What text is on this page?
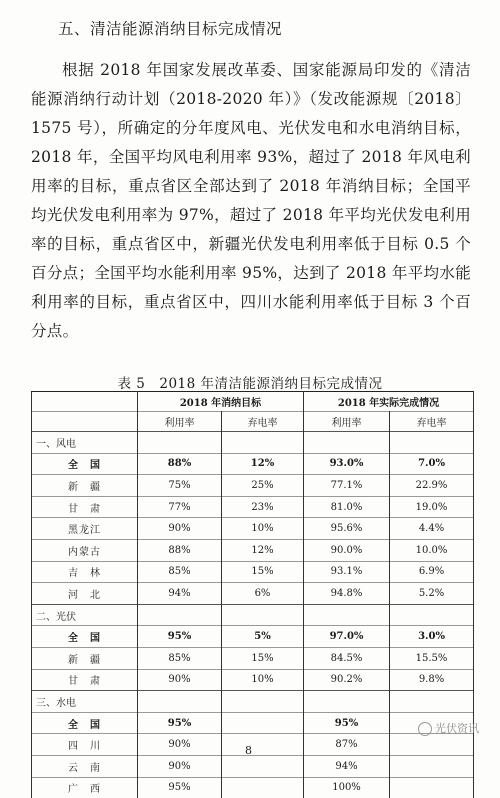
五、清洁能源消纳目标完成情况
根据 2018 年国家发展改革委、国家能源局印发的《清洁能源消纳行动计划（2018-2020 年）》（发改能源规〔2018〕1575 号），所确定的分年度风电、光伏发电和水电消纳目标，2018 年，全国平均风电利用率 93%，超过了 2018 年风电利用率的目标，重点省区全部达到了 2018 年消纳目标；全国平均光伏发电利用率为 97%，超过了 2018 年平均光伏发电利用率的目标，重点省区中，新疆光伏发电利用率低于目标 0.5 个百分点；全国平均水能利用率 95%，达到了 2018 年平均水能利用率的目标，重点省区中，四川水能利用率低于目标 3 个百分点。
表 5　2018 年清洁能源消纳目标完成情况
	2018 年消纳目标		2018 年实际完成情况	
	利用率	弃电率	利用率	弃电率
一、风电				
全　国	88%	12%	93.0%	7.0%
新　疆	75%	25%	77.1%	22.9%
甘　肃	77%	23%	81.0%	19.0%
黑龙江	90%	10%	95.6%	4.4%
内蒙古	88%	12%	90.0%	10.0%
吉　林	85%	15%	93.1%	6.9%
河　北	94%	6%	94.8%	5.2%
二、光伏				
全　国	95%	5%	97.0%	3.0%
新　疆	85%	15%	84.5%	15.5%
甘　肃	90%	10%	90.2%	9.8%
三、水电				
全　国	95%		95%	
四　川	90%		87%	
云　南	90%		94%	
广　西	95%		100%	
8
光伏资讯
